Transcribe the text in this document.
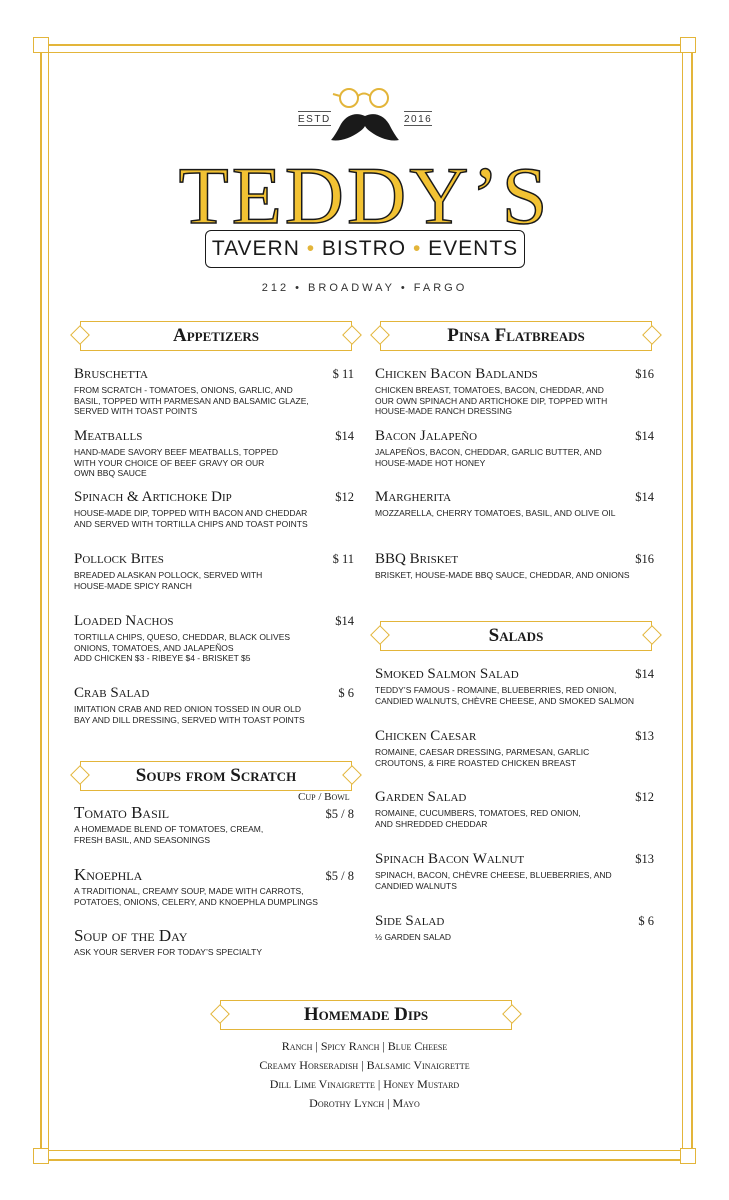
ESTD	2016
TEDDY’S
TAVERN • BISTRO • EVENTS
212 • BROADWAY • FARGO
Appetizers	Pinsa Flatbreads
Salads
Soups from Scratch
Homemade Dips
Bruschetta
FROM SCRATCH - TOMATOES, ONIONS, GARLIC, AND
BASIL, TOPPED WITH PARMESAN AND BALSAMIC GLAZE,
SERVED WITH TOAST POINTS
$ 11
Meatballs
HAND-MADE SAVORY BEEF MEATBALLS, TOPPED
WITH YOUR CHOICE OF BEEF GRAVY OR OUR
OWN BBQ SAUCE
$14
Spinach & Artichoke Dip
HOUSE-MADE DIP, TOPPED WITH BACON AND CHEDDAR
AND SERVED WITH TORTILLA CHIPS AND TOAST POINTS
$12
Pollock Bites
BREADED ALASKAN POLLOCK, SERVED WITH
HOUSE-MADE SPICY RANCH
$ 11
Loaded Nachos
TORTILLA CHIPS, QUESO, CHEDDAR, BLACK OLIVES
ONIONS, TOMATOES, AND JALAPEÑOS
ADD CHICKEN $3 - RIBEYE $4 - BRISKET $5
$14
Crab Salad
IMITATION CRAB AND RED ONION TOSSED IN OUR OLD
BAY AND DILL DRESSING, SERVED WITH TOAST POINTS
$ 6
Cup / Bowl
Tomato Basil
A HOMEMADE BLEND OF TOMATOES, CREAM,
FRESH BASIL, AND SEASONINGS
$5 / 8
Knoephla
A TRADITIONAL, CREAMY SOUP, MADE WITH CARROTS,
POTATOES, ONIONS, CELERY, AND KNOEPHLA DUMPLINGS
$5 / 8
Soup of the Day
ASK YOUR SERVER FOR TODAY’S SPECIALTY
Chicken Bacon Badlands
CHICKEN BREAST, TOMATOES, BACON, CHEDDAR, AND
OUR OWN SPINACH AND ARTICHOKE DIP, TOPPED WITH
HOUSE-MADE RANCH DRESSING
$16
Bacon Jalapeño
JALAPEÑOS, BACON, CHEDDAR, GARLIC BUTTER, AND
HOUSE-MADE HOT HONEY
$14
Margherita
MOZZARELLA, CHERRY TOMATOES, BASIL, AND OLIVE OIL
$14
BBQ Brisket
BRISKET, HOUSE-MADE BBQ SAUCE, CHEDDAR, AND ONIONS
$16
Smoked Salmon Salad
TEDDY’S FAMOUS - ROMAINE, BLUEBERRIES, RED ONION,
CANDIED WALNUTS, CHÈVRE CHEESE, AND SMOKED SALMON
$14
Chicken Caesar
ROMAINE, CAESAR DRESSING, PARMESAN, GARLIC
CROUTONS, & FIRE ROASTED CHICKEN BREAST
$13
Garden Salad
ROMAINE, CUCUMBERS, TOMATOES, RED ONION,
AND SHREDDED CHEDDAR
$12
Spinach Bacon Walnut
SPINACH, BACON, CHÈVRE CHEESE, BLUEBERRIES, AND
CANDIED WALNUTS
$13
Side Salad
½ GARDEN SALAD
$ 6
Ranch | Spicy Ranch | Blue Cheese
Creamy Horseradish | Balsamic Vinaigrette
Dill Lime Vinaigrette | Honey Mustard
Dorothy Lynch | Mayo
